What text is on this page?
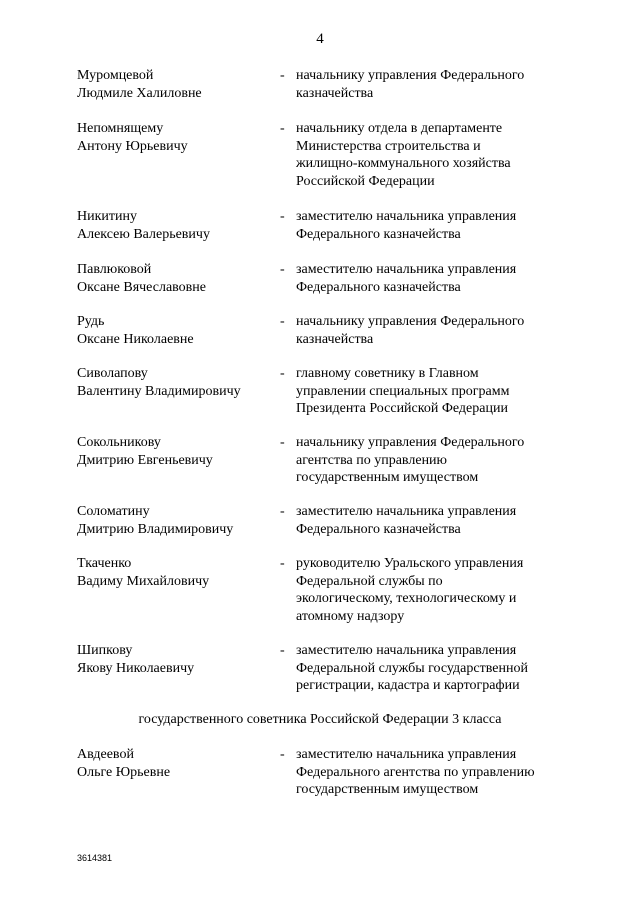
4
Муромцевой
Людмиле Халиловне
- начальнику управления Федерального
казначейства
Непомнящему
Антону Юрьевичу
- начальнику отдела в департаменте
Министерства строительства и
жилищно-коммунального хозяйства
Российской Федерации
Никитину
Алексею Валерьевичу
- заместителю начальника управления
Федерального казначейства
Павлюковой
Оксане Вячеславовне
- заместителю начальника управления
Федерального казначейства
Рудь
Оксане Николаевне
- начальнику управления Федерального
казначейства
Сиволапову
Валентину Владимировичу
- главному советнику в Главном
управлении специальных программ
Президента Российской Федерации
Сокольникову
Дмитрию Евгеньевичу
- начальнику управления Федерального
агентства по управлению
государственным имуществом
Соломатину
Дмитрию Владимировичу
- заместителю начальника управления
Федерального казначейства
Ткаченко
Вадиму Михайловичу
- руководителю Уральского управления
Федеральной службы по
экологическому, технологическому и
атомному надзору
Шипкову
Якову Николаевичу
- заместителю начальника управления
Федеральной службы государственной
регистрации, кадастра и картографии
государственного советника Российской Федерации 3 класса
Авдеевой
Ольге Юрьевне
- заместителю начальника управления
Федерального агентства по управлению
государственным имуществом
3614381
